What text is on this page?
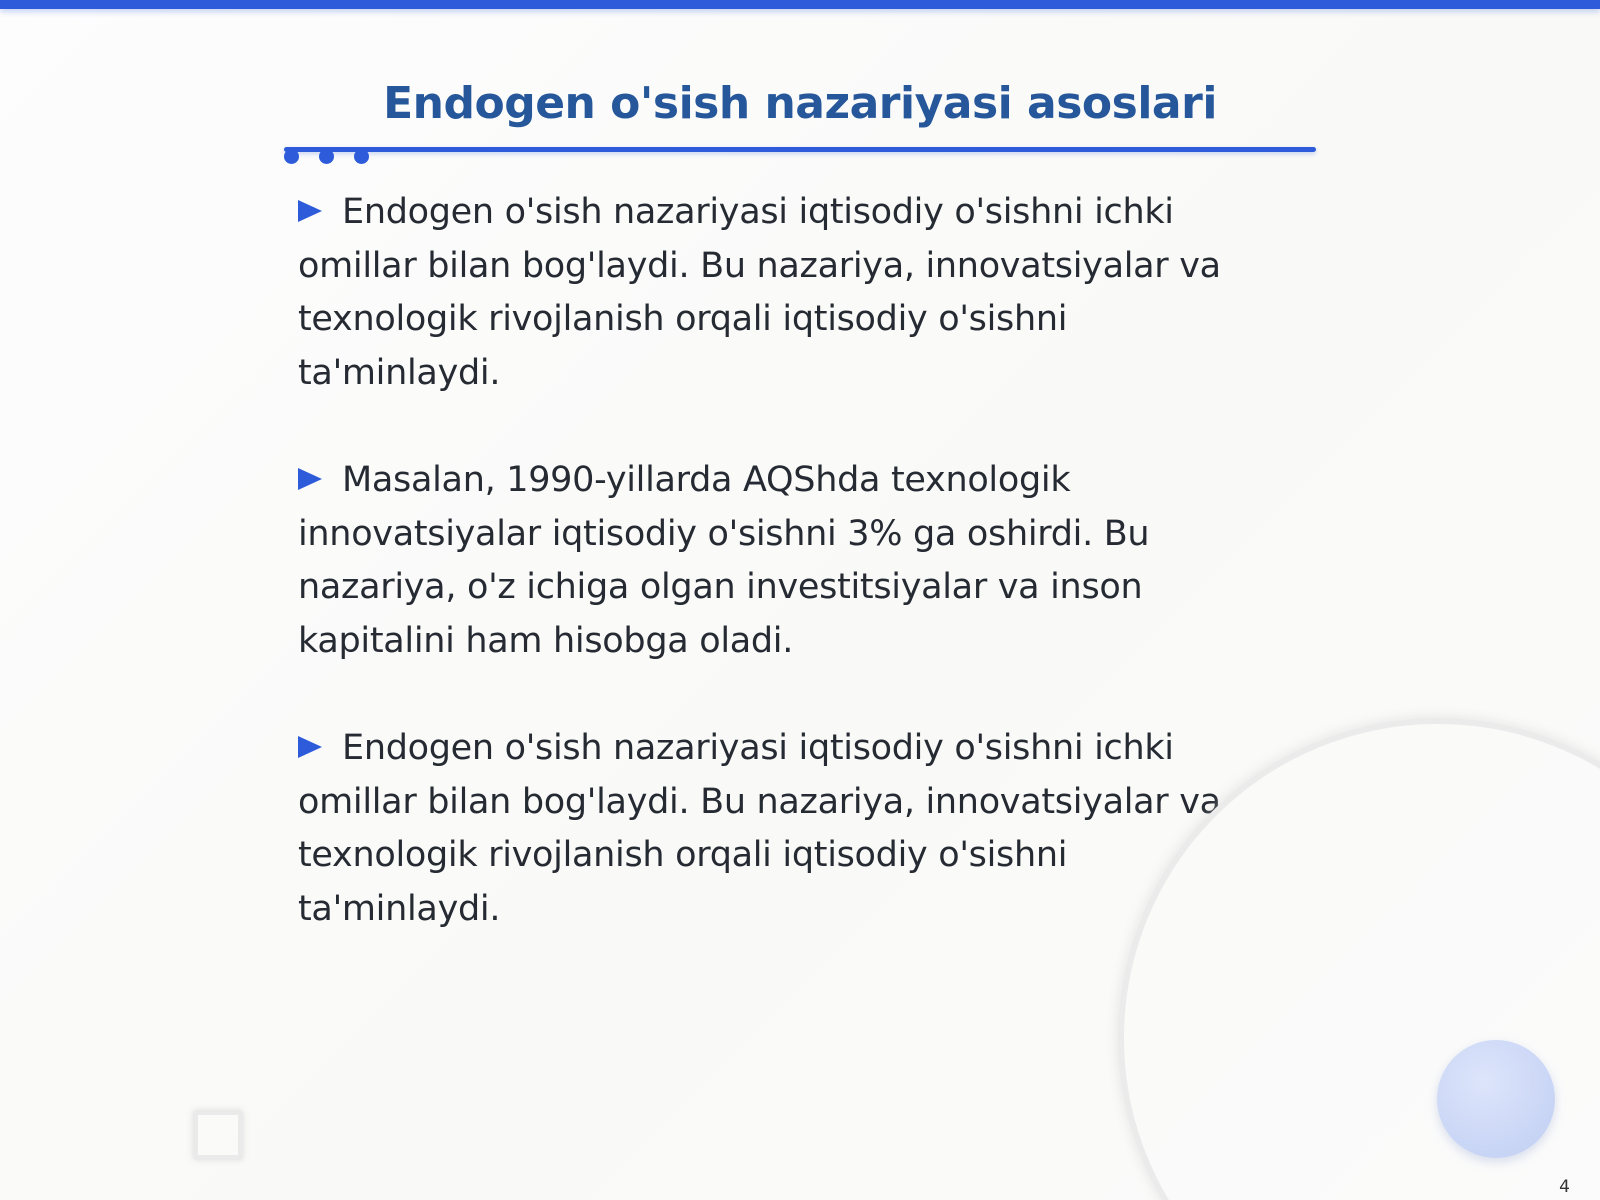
Endogen o'sish nazariyasi asoslari

Endogen o'sish nazariyasi iqtisodiy o'sishni ichki omillar bilan bog'laydi. Bu nazariya, innovatsiyalar va texnologik rivojlanish orqali iqtisodiy o'sishni ta'minlaydi.

Masalan, 1990-yillarda AQShda texnologik innovatsiyalar iqtisodiy o'sishni 3% ga oshirdi. Bu nazariya, o'z ichiga olgan investitsiyalar va inson kapitalini ham hisobga oladi.

Endogen o'sish nazariyasi iqtisodiy o'sishni ichki omillar bilan bog'laydi. Bu nazariya, innovatsiyalar va texnologik rivojlanish orqali iqtisodiy o'sishni ta'minlaydi.

4
